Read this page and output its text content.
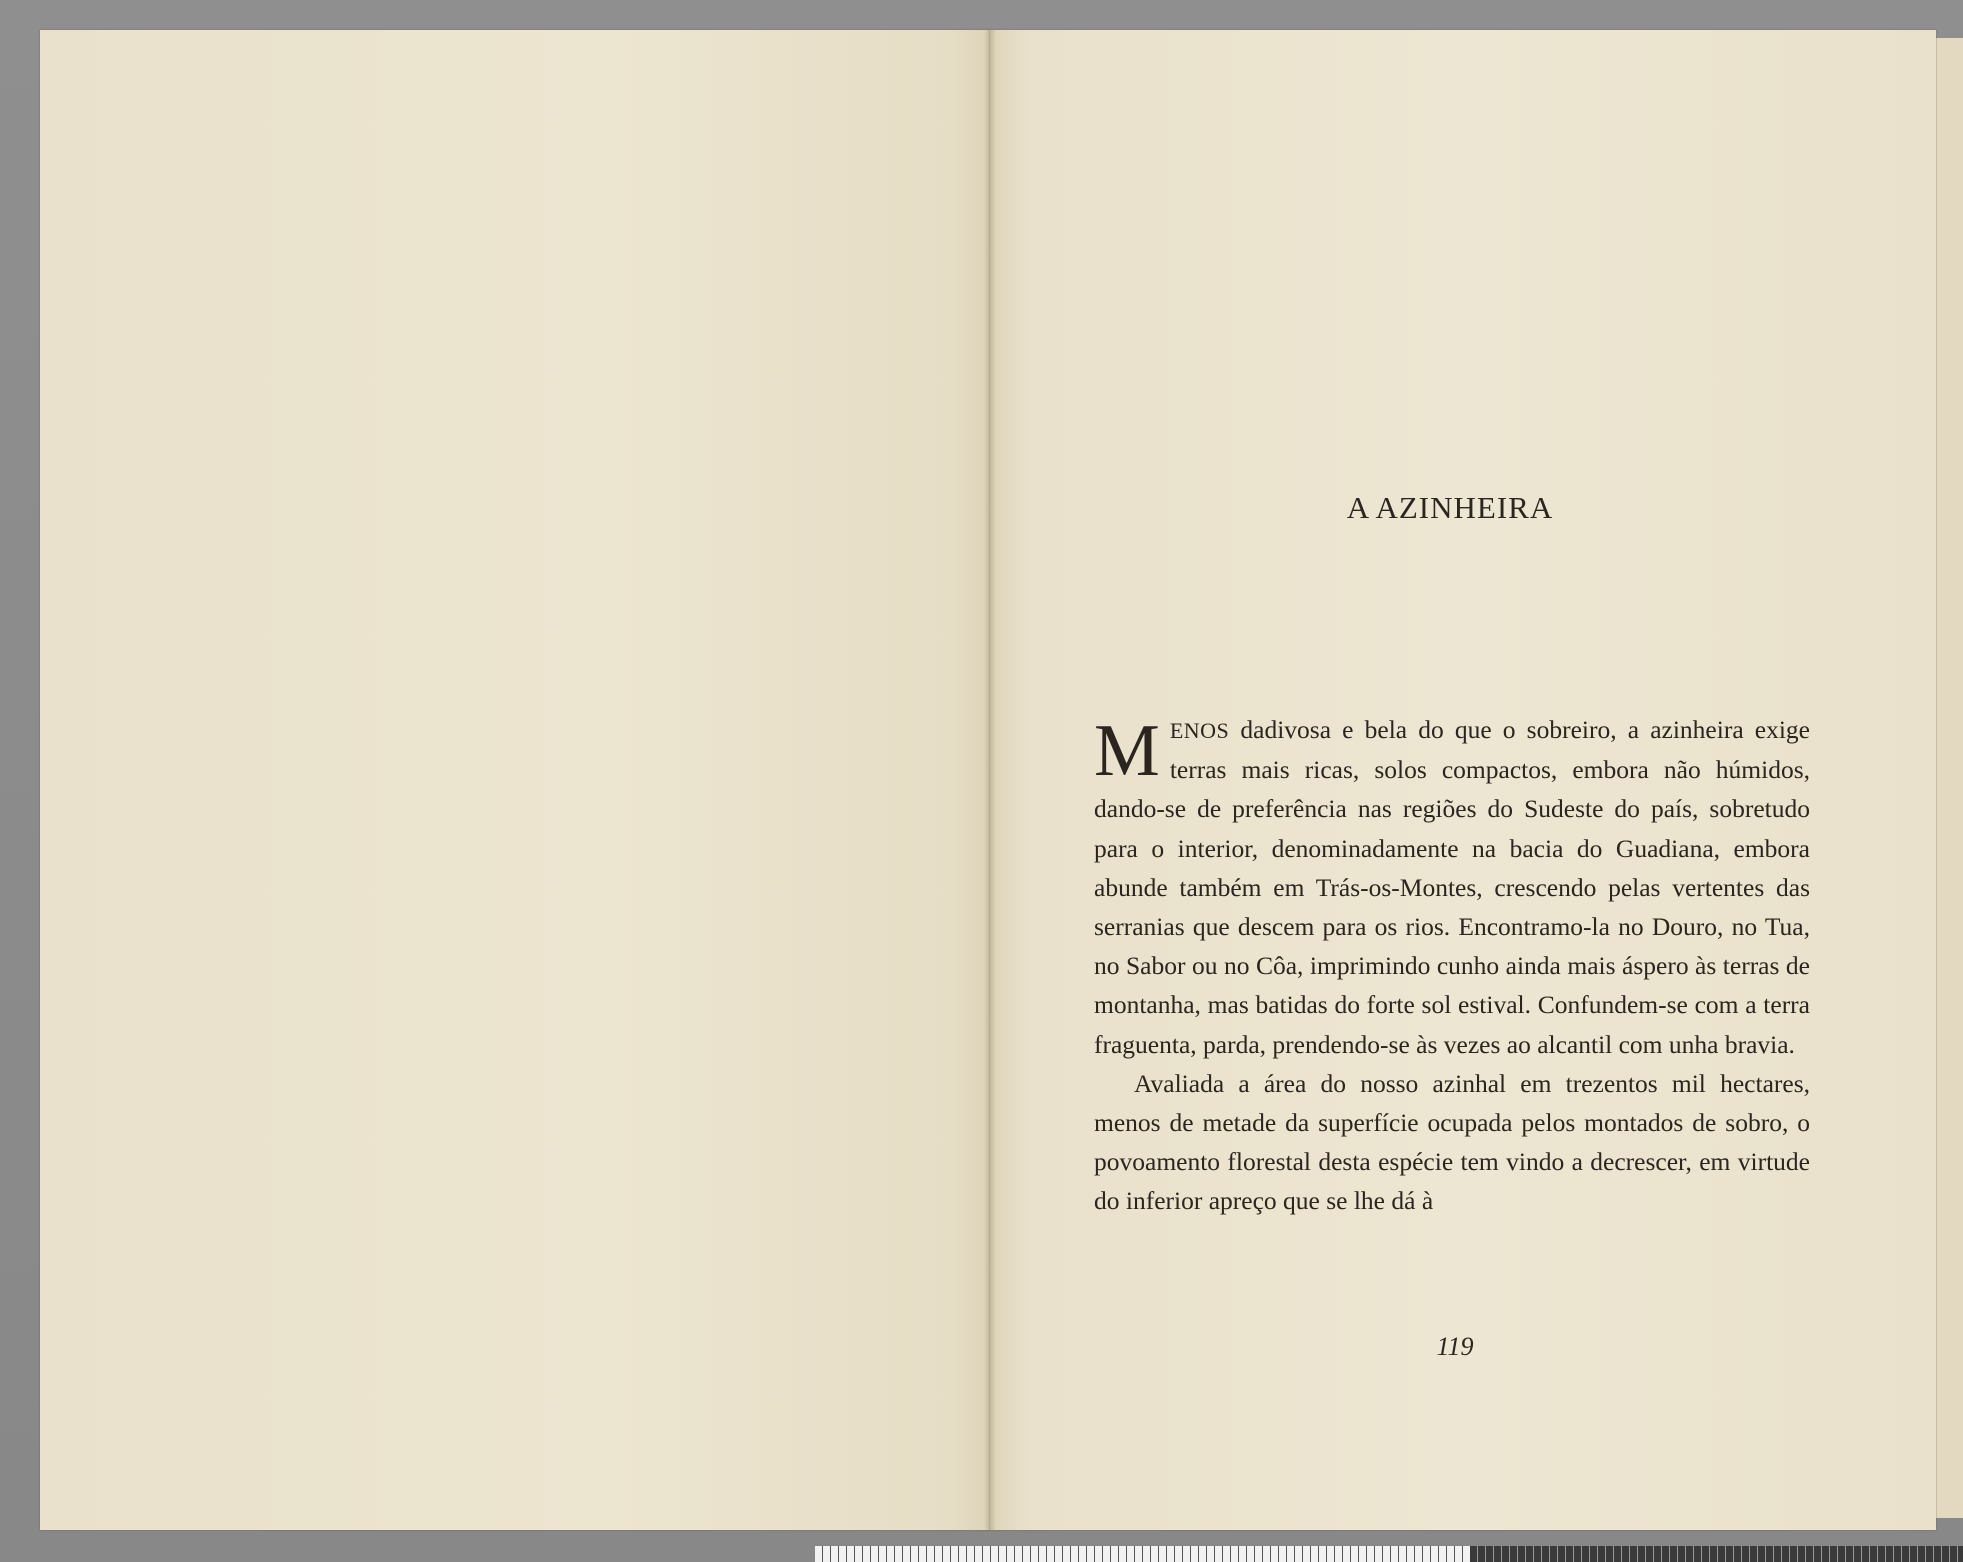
A AZINHEIRA

MENOS dadivosa e bela do que o sobreiro, a azinheira exige terras mais ricas, solos compactos, embora não húmidos, dando-se de preferência nas regiões do Sudeste do país, sobretudo para o interior, denominadamente na bacia do Guadiana, embora abunde também em Trás-os-Montes, crescendo pelas vertentes das serranias que descem para os rios. Encontramo-la no Douro, no Tua, no Sabor ou no Côa, imprimindo cunho ainda mais áspero às terras de montanha, mas batidas do forte sol estival. Confundem-se com a terra fraguenta, parda, prendendo-se às vezes ao alcantil com unha bravia.

Avaliada a área do nosso azinhal em trezentos mil hectares, menos de metade da superfície ocupada pelos montados de sobro, o povoamento florestal desta espécie tem vindo a decrescer, em virtude do inferior apreço que se lhe dá à

119
